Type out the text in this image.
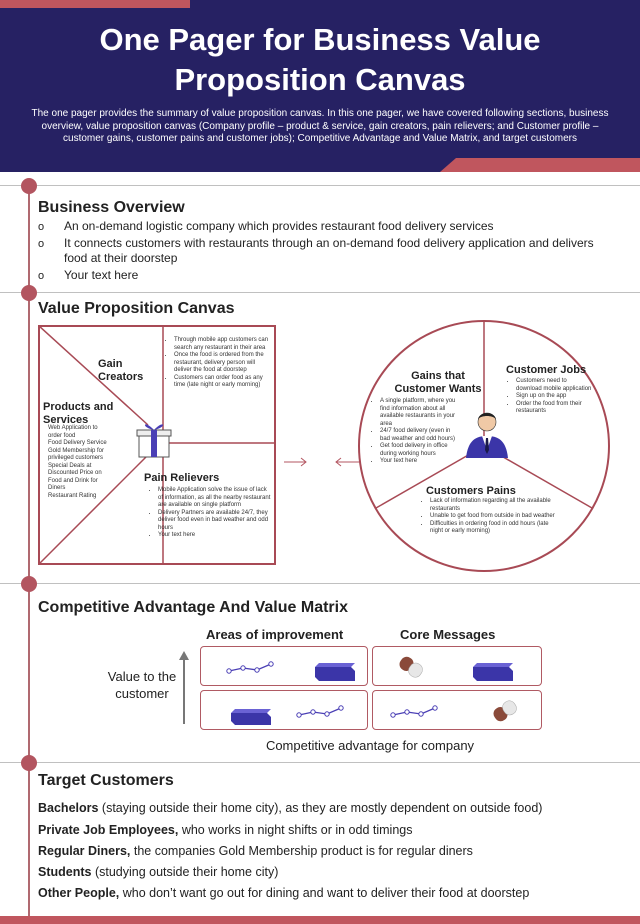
One Pager for Business Value
Proposition Canvas
The one pager provides the summary of value proposition canvas. In this one pager, we have covered following sections, business overview, value proposition canvas (Company profile – product & service, gain creators, pain relievers; and Customer profile – customer gains, customer pains and customer jobs); Competitive Advantage and Value Matrix, and target customers
Business Overview
o An on-demand logistic company which provides restaurant food delivery services
o It connects customers with restaurants through an on-demand food delivery application and delivers food at their doorstep
o Your text here
Value Proposition Canvas
Products and Services
• Web Application to order food
• Food Delivery Service
• Gold Membership for privileged customers
• Special Deals at Discounted Price on Food and Drink for Diners
• Restaurant Rating
Gain Creators
• Through mobile app customers can search any restaurant in their area
• Once the food is ordered from the restaurant, delivery person will deliver the food at doorstep
• Customers can order food as any time (late night or early morning)
Pain Relievers
• Mobile Application solve the issue of lack of information, as all the nearby restaurant are available on single platform
• Delivery Partners are available 24/7, they deliver food even in bad weather and odd hours
• Your text here
Gains that Customer Wants
• A single platform, where you find information about all available restaurants in your area
• 24/7 food delivery (even in bad weather and odd hours)
• Get food delivery in office during working hours
• Your text here
Customer Jobs
• Customers need to download mobile application
• Sign up on the app
• Order the food from their restaurants
Customers Pains
• Lack of information regarding all the available restaurants
• Unable to get food from outside in bad weather
• Difficulties in ordering food in odd hours (late night or early morning)
Competitive Advantage And Value Matrix
Areas of improvement	Core Messages
Value to the customer
Competitive advantage for company
Target Customers
Bachelors (staying outside their home city), as they are mostly dependent on outside food)
Private Job Employees, who works in night shifts or in odd timings
Regular Diners, the companies Gold Membership product is for regular diners
Students (studying outside their home city)
Other People, who don’t want go out for dining and want to deliver their food at doorstep
